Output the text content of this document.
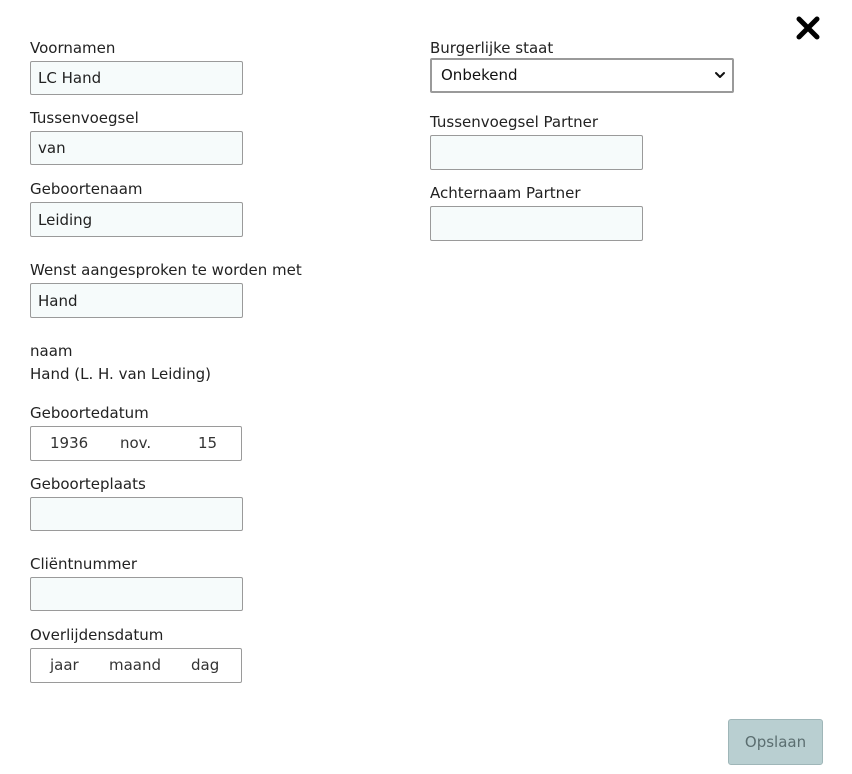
Voornamen
LC Hand
Tussenvoegsel
van
Geboortenaam
Leiding
Wenst aangesproken te worden met
Hand
naam
Hand (L. H. van Leiding)
Geboortedatum
1936 nov.	15
Geboorteplaats
Cliëntnummer
Overlijdensdatum
jaar maand dag
Burgerlijke staat
Onbekend
Tussenvoegsel Partner
Achternaam Partner
Opslaan
